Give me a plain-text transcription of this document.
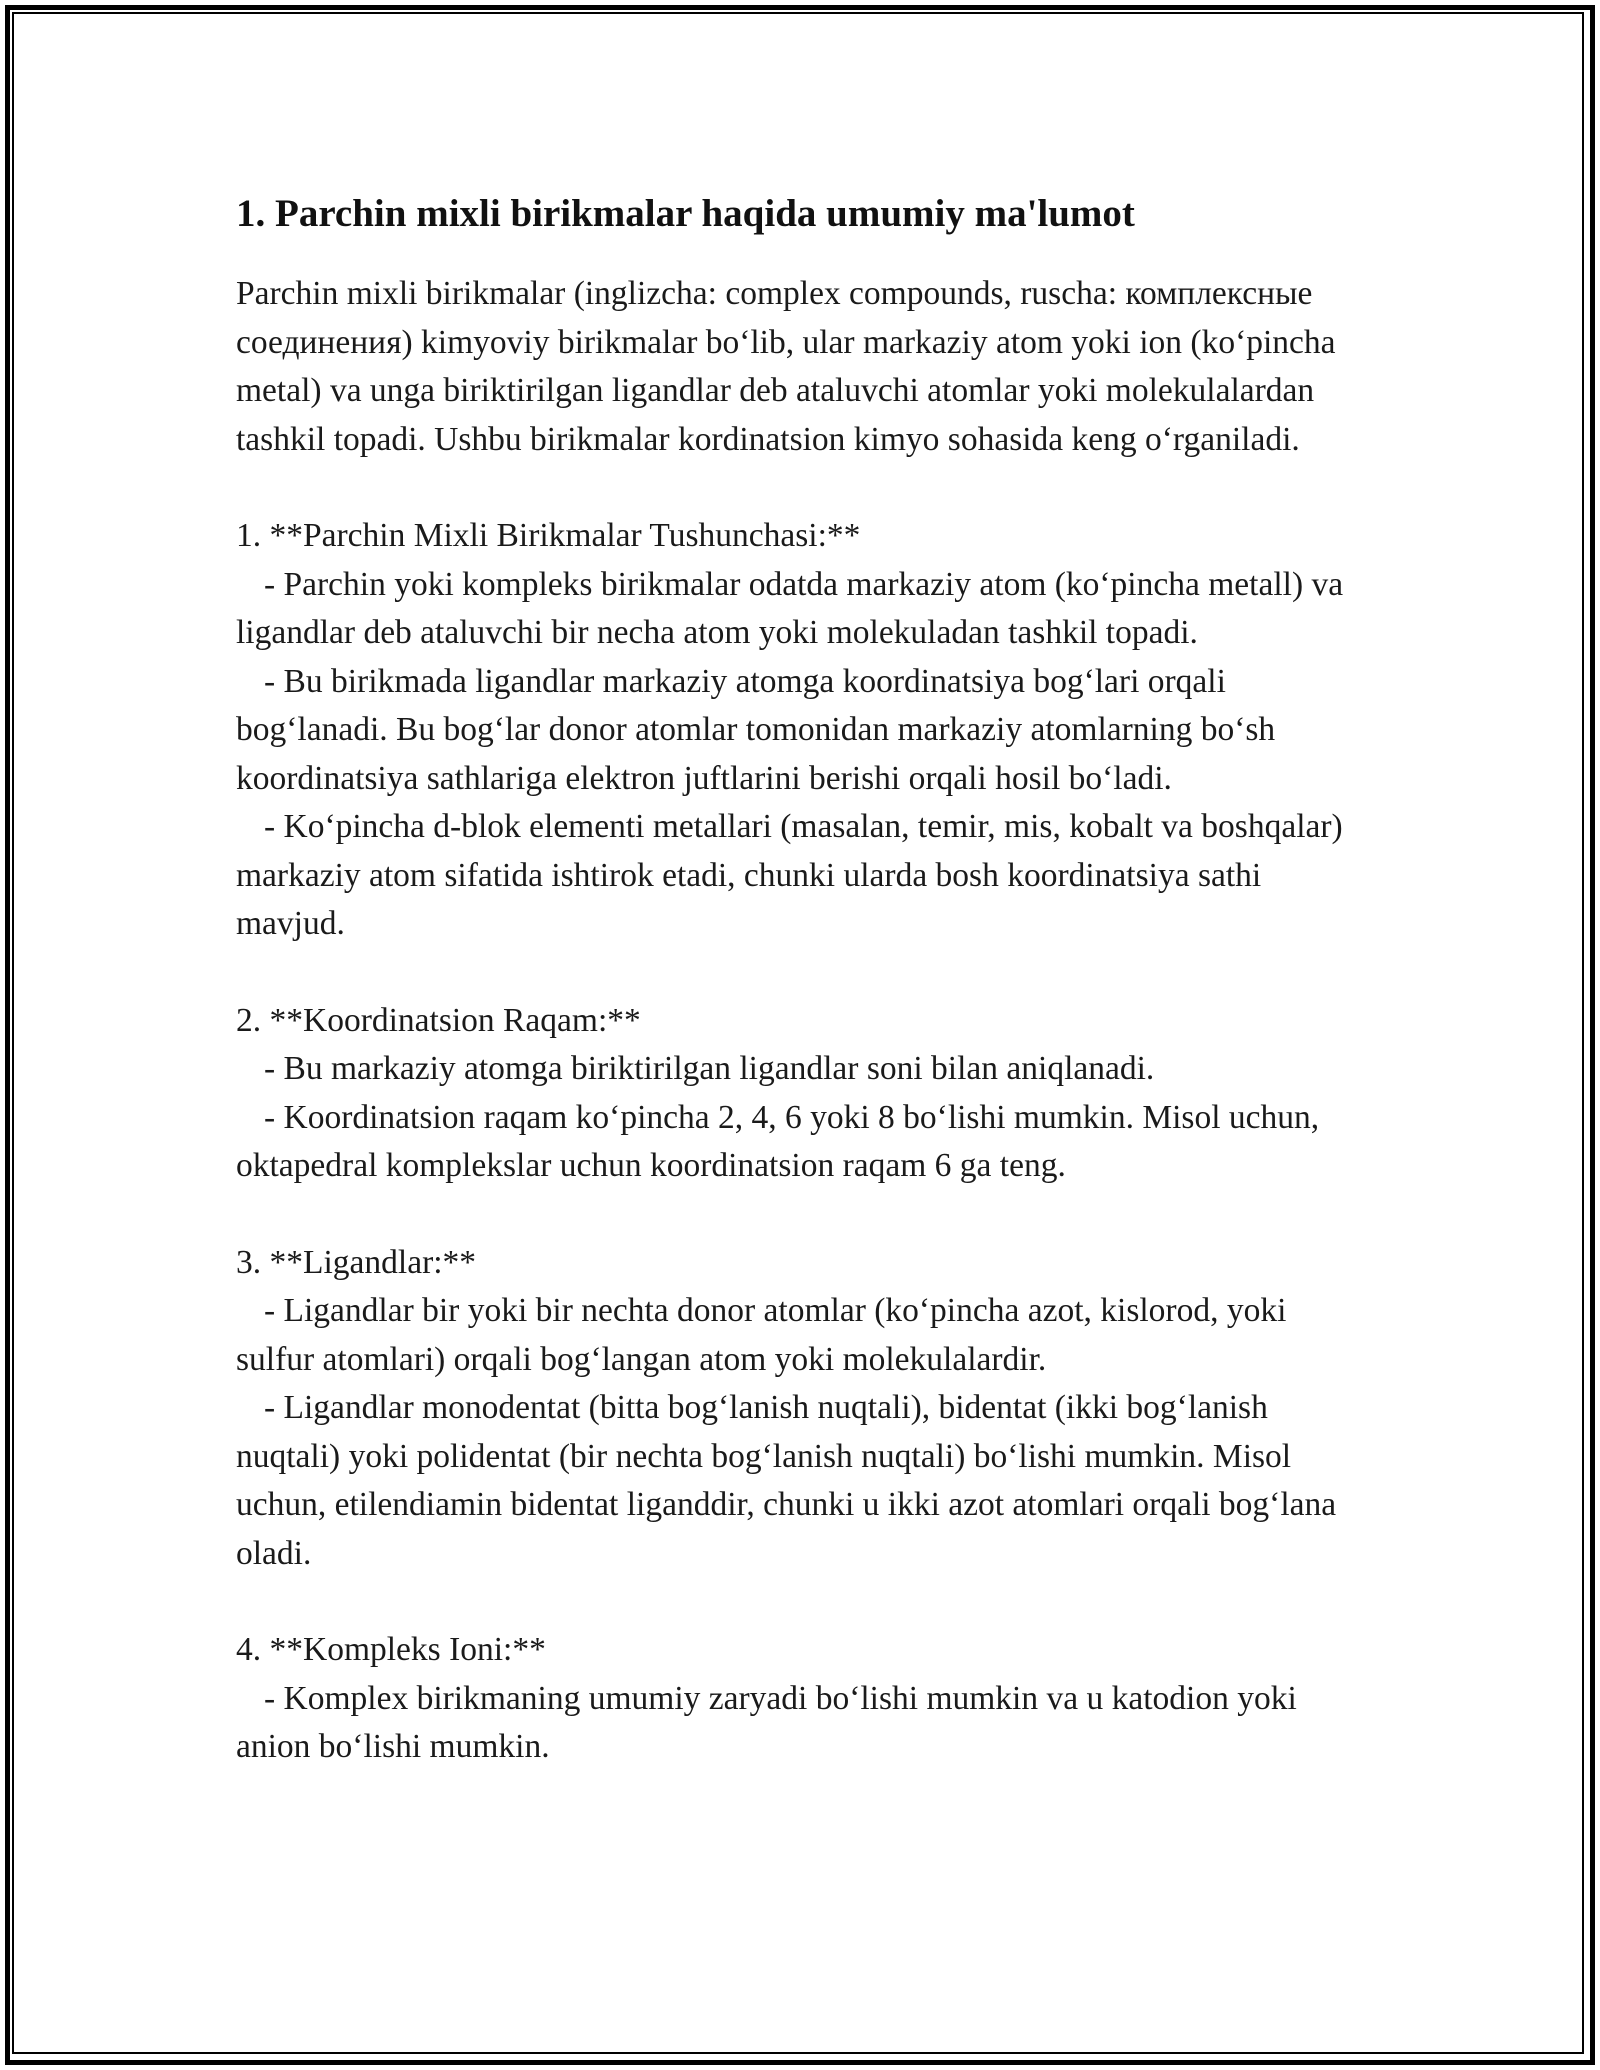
1. Parchin mixli birikmalar haqida umumiy ma'lumot

Parchin mixli birikmalar (inglizcha: complex compounds, ruscha: комплексные соединения) kimyoviy birikmalar bo‘lib, ular markaziy atom yoki ion (ko‘pincha metal) va unga biriktirilgan ligandlar deb ataluvchi atomlar yoki molekulalardan tashkil topadi. Ushbu birikmalar kordinatsion kimyo sohasida keng o‘rganiladi.

1. **Parchin Mixli Birikmalar Tushunchasi:**

- Parchin yoki kompleks birikmalar odatda markaziy atom (ko‘pincha metall) va ligandlar deb ataluvchi bir necha atom yoki molekuladan tashkil topadi.

- Bu birikmada ligandlar markaziy atomga koordinatsiya bog‘lari orqali bog‘lanadi. Bu bog‘lar donor atomlar tomonidan markaziy atomlarning bo‘sh koordinatsiya sathlariga elektron juftlarini berishi orqali hosil bo‘ladi.

- Ko‘pincha d-blok elementi metallari (masalan, temir, mis, kobalt va boshqalar) markaziy atom sifatida ishtirok etadi, chunki ularda bosh koordinatsiya sathi mavjud.

2. **Koordinatsion Raqam:**

- Bu markaziy atomga biriktirilgan ligandlar soni bilan aniqlanadi.

- Koordinatsion raqam ko‘pincha 2, 4, 6 yoki 8 bo‘lishi mumkin. Misol uchun, oktapedral komplekslar uchun koordinatsion raqam 6 ga teng.

3. **Ligandlar:**

- Ligandlar bir yoki bir nechta donor atomlar (ko‘pincha azot, kislorod, yoki sulfur atomlari) orqali bog‘langan atom yoki molekulalardir.

- Ligandlar monodentat (bitta bog‘lanish nuqtali), bidentat (ikki bog‘lanish nuqtali) yoki polidentat (bir nechta bog‘lanish nuqtali) bo‘lishi mumkin. Misol uchun, etilendiamin bidentat liganddir, chunki u ikki azot atomlari orqali bog‘lana oladi.

4. **Kompleks Ioni:**

- Komplex birikmaning umumiy zaryadi bo‘lishi mumkin va u katodion yoki anion bo‘lishi mumkin.
